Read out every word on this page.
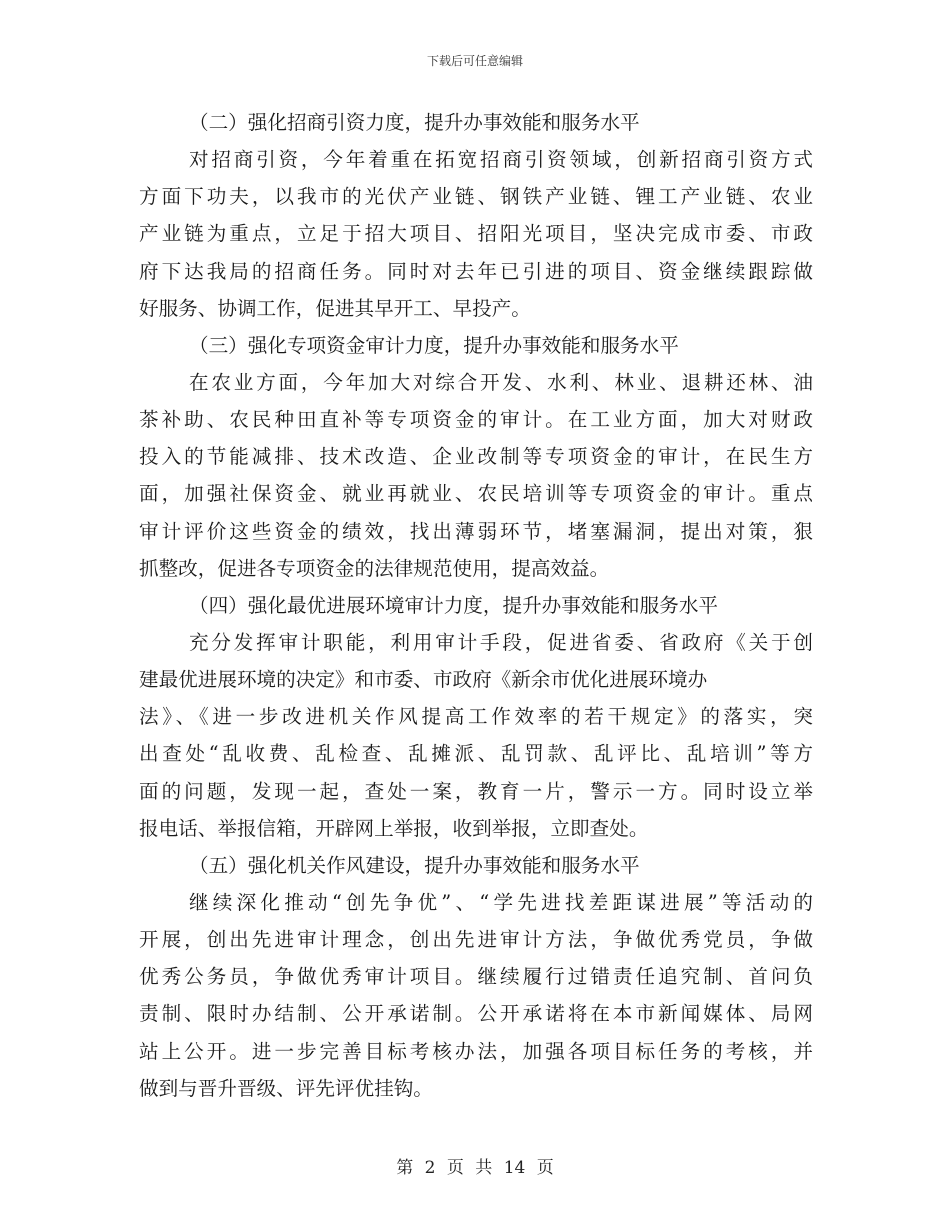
下载后可任意编辑
（二）强化招商引资力度，提升办事效能和服务水平
对招商引资，今年着重在拓宽招商引资领域，创新招商引资方式
方面下功夫，以我市的光伏产业链、钢铁产业链、锂工产业链、农业
产业链为重点，立足于招大项目、招阳光项目，坚决完成市委、市政
府下达我局的招商任务。同时对去年已引进的项目、资金继续跟踪做
好服务、协调工作，促进其早开工、早投产。
（三）强化专项资金审计力度，提升办事效能和服务水平
在农业方面，今年加大对综合开发、水利、林业、退耕还林、油
茶补助、农民种田直补等专项资金的审计。在工业方面，加大对财政
投入的节能减排、技术改造、企业改制等专项资金的审计，在民生方
面，加强社保资金、就业再就业、农民培训等专项资金的审计。重点
审计评价这些资金的绩效，找出薄弱环节，堵塞漏洞，提出对策，狠
抓整改，促进各专项资金的法律规范使用，提高效益。
（四）强化最优进展环境审计力度，提升办事效能和服务水平
充分发挥审计职能，利用审计手段，促进省委、省政府《关于创
建最优进展环境的决定》和市委、市政府《新余市优化进展环境办
法》、《进一步改进机关作风提高工作效率的若干规定》的落实，突
出查处“乱收费、乱检查、乱摊派、乱罚款、乱评比、乱培训”等方
面的问题，发现一起，查处一案，教育一片，警示一方。同时设立举
报电话、举报信箱，开辟网上举报，收到举报，立即查处。
（五）强化机关作风建设，提升办事效能和服务水平
继续深化推动“创先争优”、“学先进找差距谋进展”等活动的
开展，创出先进审计理念，创出先进审计方法，争做优秀党员，争做
优秀公务员，争做优秀审计项目。继续履行过错责任追究制、首问负
责制、限时办结制、公开承诺制。公开承诺将在本市新闻媒体、局网
站上公开。进一步完善目标考核办法，加强各项目标任务的考核，并
做到与晋升晋级、评先评优挂钩。
第 2 页 共 14 页
